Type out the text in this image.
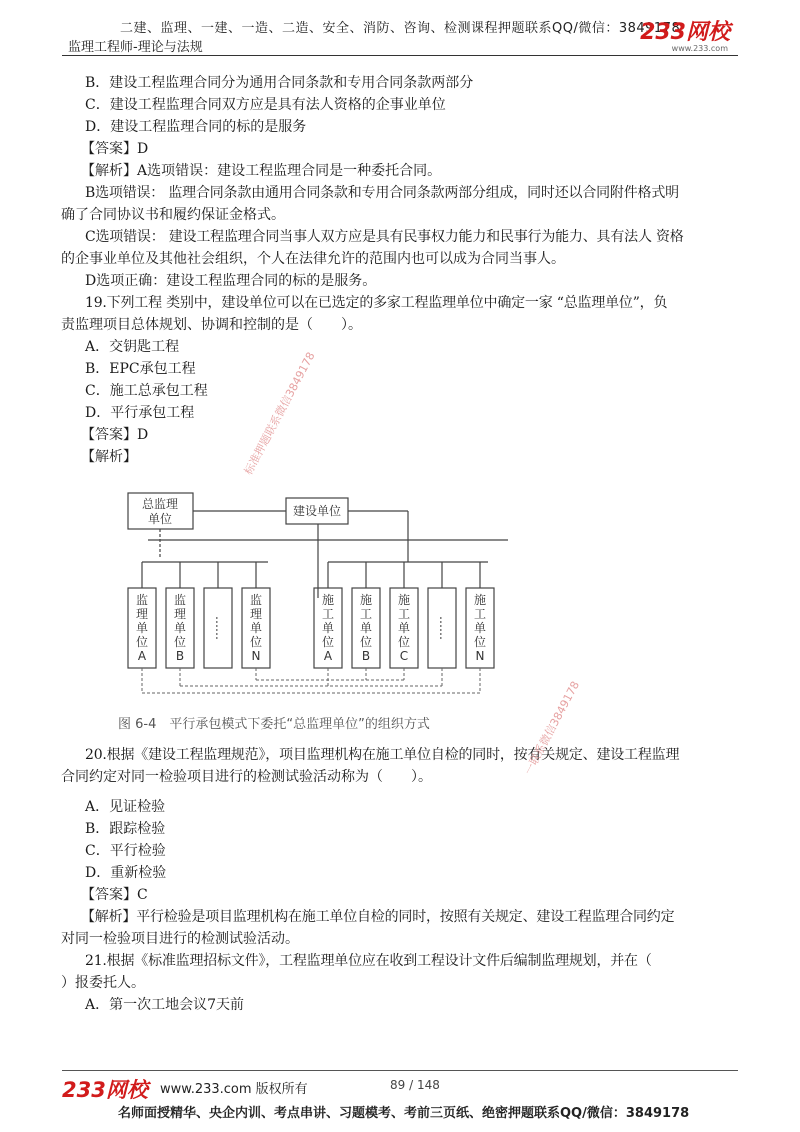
二建、监理、一建、一造、二造、安全、消防、咨询、检测课程押题联系QQ/微信：3849178
监理工程师-理论与法规
233网校
www.233.com
B．建设工程监理合同分为通用合同条款和专用合同条款两部分
C．建设工程监理合同双方应是具有法人资格的企事业单位
D．建设工程监理合同的标的是服务
【答案】D
【解析】A选项错误：建设工程监理合同是一种委托合同。
B选项错误： 监理合同条款由通用合同条款和专用合同条款两部分组成，同时还以合同附件格式明
确了合同协议书和履约保证金格式。
C选项错误： 建设工程监理合同当事人双方应是具有民事权力能力和民事行为能力、具有法人 资格
的企事业单位及其他社会组织，个人在法律允许的范围内也可以成为合同当事人。
D选项正确：建设工程监理合同的标的是服务。
19.下列工程 类别中，建设单位可以在已选定的多家工程监理单位中确定一家 “总监理单位”，负
责监理项目总体规划、协调和控制的是（　　）。
A．交钥匙工程
B．EPC承包工程
C．施工总承包工程
D．平行承包工程
【答案】D
【解析】
20.根据《建设工程监理规范》，项目监理机构在施工单位自检的同时，按有关规定、建设工程监理
合同约定对同一检验项目进行的检测试验活动称为（　　）。
A．见证检验
B．跟踪检验
C．平行检验
D．重新检验
【答案】C
【解析】平行检验是项目监理机构在施工单位自检的同时，按照有关规定、建设工程监理合同约定
对同一检验项目进行的检测试验活动。
21.根据《标准监理招标文件》，工程监理单位应在收到工程设计文件后编制监理规划，并在（
）报委托人。
A．第一次工地会议7天前
总监理
单位
建设单位
监
理
单
位
A
监
理
单
位
B
……
监
理
单
位
N
施
工
单
位
A
施
工
单
位
B
施
工
单
位
C
……
施
工
单
位
N
图 6-4　平行承包模式下委托“总监理单位”的组织方式
标准押题联系微信3849178
一联系微信3849178
233网校 www.233.com 版权所有	89 / 148
名师面授精华、央企内训、考点串讲、习题模考、考前三页纸、绝密押题联系QQ/微信：3849178
